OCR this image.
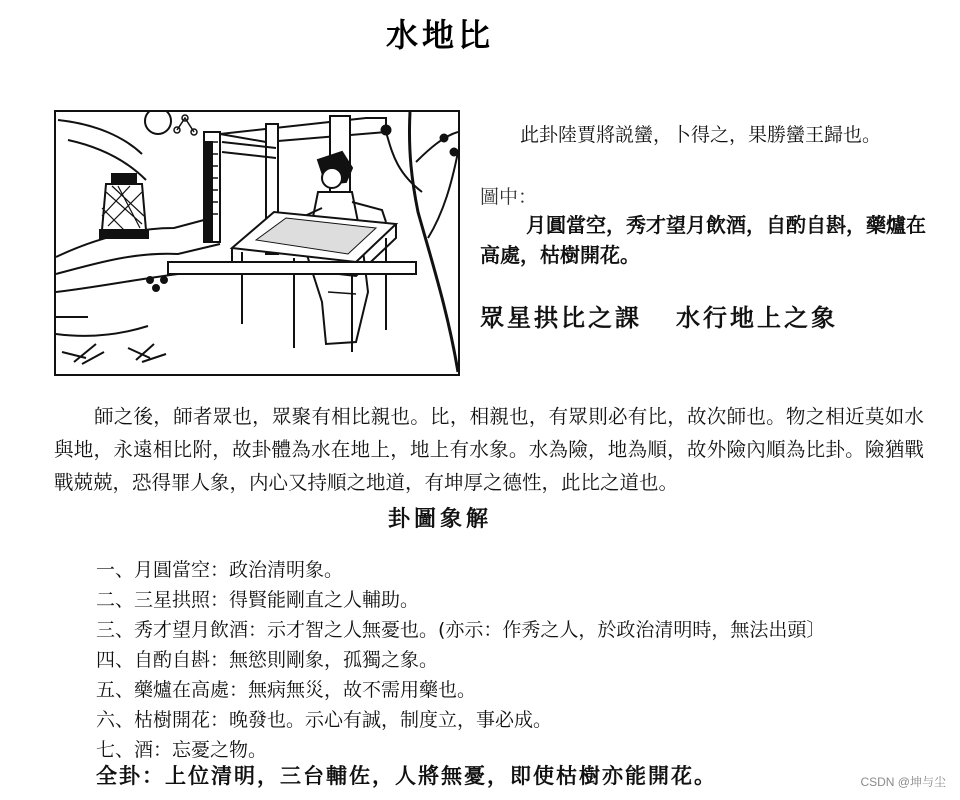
水地比
此卦陸賈將説蠻，卜得之，果勝蠻王歸也。
圖中：
月圓當空，秀才望月飲酒，自酌自斟，藥爐在高處，枯樹開花。
眾星拱比之課 水行地上之象
師之後，師者眾也，眾聚有相比親也。比，相親也，有眾則必有比，故次師也。物之相近莫如水與地，永遠相比附，故卦體為水在地上，地上有水象。水為險，地為順，故外險內順為比卦。險猶戰戰兢兢，恐得罪人象，内心又持順之地道，有坤厚之德性，此比之道也。
卦圖象解
一、月圓當空：政治清明象。
二、三星拱照：得賢能剛直之人輔助。
三、秀才望月飲酒：示才智之人無憂也。(亦示：作秀之人，於政治清明時，無法出頭〕
四、自酌自斟：無慾則剛象，孤獨之象。
五、藥爐在高處：無病無災，故不需用藥也。
六、枯樹開花：晚發也。示心有誠，制度立，事必成。
七、酒：忘憂之物。
全卦：上位清明，三台輔佐，人將無憂，即使枯樹亦能開花。	CSDN @坤与尘
